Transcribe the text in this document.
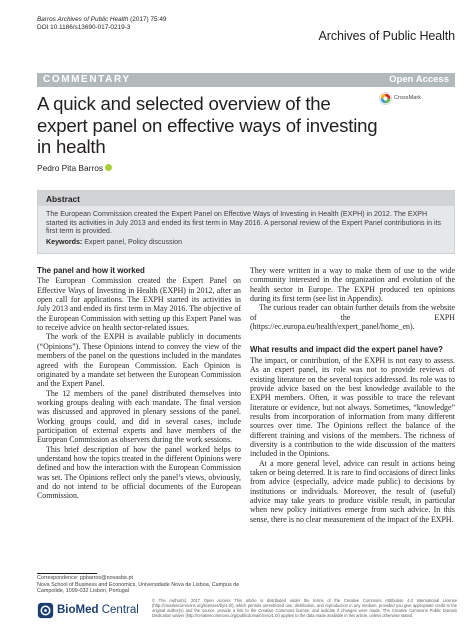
Barros Archives of Public Health (2017) 75:49
DOI 10.1186/s13690-017-0219-3
Archives of Public Health
COMMENTARY	Open Access
A quick and selected overview of the expert panel on effective ways of investing in health
CrossMark
Pedro Pita Barros
Abstract
The European Commission created the Expert Panel on Effective Ways of Investing in Health (EXPH) in 2012. The EXPH started its activities in July 2013 and ended its first term in May 2016. A personal review of the Expert Panel contributions in its first term is provided.
Keywords: Expert panel, Policy discussion
The panel and how it worked

The European Commission created the Expert Panel on Effective Ways of Investing in Health (EXPH) in 2012, after an open call for applications. The EXPH started its activities in July 2013 and ended its first term in May 2016. The objective of the European Commission with setting up this Expert Panel was to receive advice on health sector-related issues.

The work of the EXPH is available publicly in documents (“Opinions”). These Opinions intend to convey the view of the members of the panel on the questions included in the mandates agreed with the European Commission. Each Opinion is originated by a mandate set between the European Commission and the Expert Panel.

The 12 members of the panel distributed themselves into working groups dealing with each mandate. The final version was discussed and approved in plenary sessions of the panel. Working groups could, and did in several cases, include participation of external experts and have members of the European Commission as observers during the work sessions.

This brief description of how the panel worked helps to understand how the topics treated in the different Opinions were defined and how the interaction with the European Commission was set. The Opinions reflect only the panel’s views, obviously, and do not intend to be official documents of the European Commission.

They were written in a way to make them of use to the wide community interested in the organization and evolution of the health sector in Europe. The EXPH produced ten opinions during its first term (see list in Appendix).

The curious reader can obtain further details from the website of the EXPH (https://ec.europa.eu/health/expert_panel/home_en).

What results and impact did the expert panel have?

The impact, or contribution, of the EXPH is not easy to assess. As an expert panel, its role was not to provide reviews of existing literature on the several topics addressed. Its role was to provide advice based on the best knowledge available to the EXPH members. Often, it was possible to trace the relevant literature or evidence, but not always. Sometimes, “knowledge” results from incorporation of information from many different sources over time. The Opinions reflect the balance of the different training and visions of the members. The richness of diversity is a contribution to the wide discussion of the matters included in the Opinions.

At a more general level, advice can result in actions being taken or being deterred. It is rare to find occasions of direct links from advice (especially, advice made public) to decisions by institutions or individuals. Moreover, the result of (useful) advice may take years to produce visible result, in particular when new policy initiatives emerge from such advice. In this sense, there is no clear measurement of the impact of the EXPH.

Correspondence: ppbarros@novasbe.pt
Nova School of Business and Economics, Universidade Nova de Lisboa, Campus de Campolide, 1099-032 Lisbon, Portugal
BioMed Central
© The Author(s). 2017 Open Access This article is distributed under the terms of the Creative Commons Attribution 4.0 International License (http://creativecommons.org/licenses/by/4.0/), which permits unrestricted use, distribution, and reproduction in any medium, provided you give appropriate credit to the original author(s) and the source, provide a link to the Creative Commons license, and indicate if changes were made. The Creative Commons Public Domain Dedication waiver (http://creativecommons.org/publicdomain/zero/1.0/) applies to the data made available in this article, unless otherwise stated.
